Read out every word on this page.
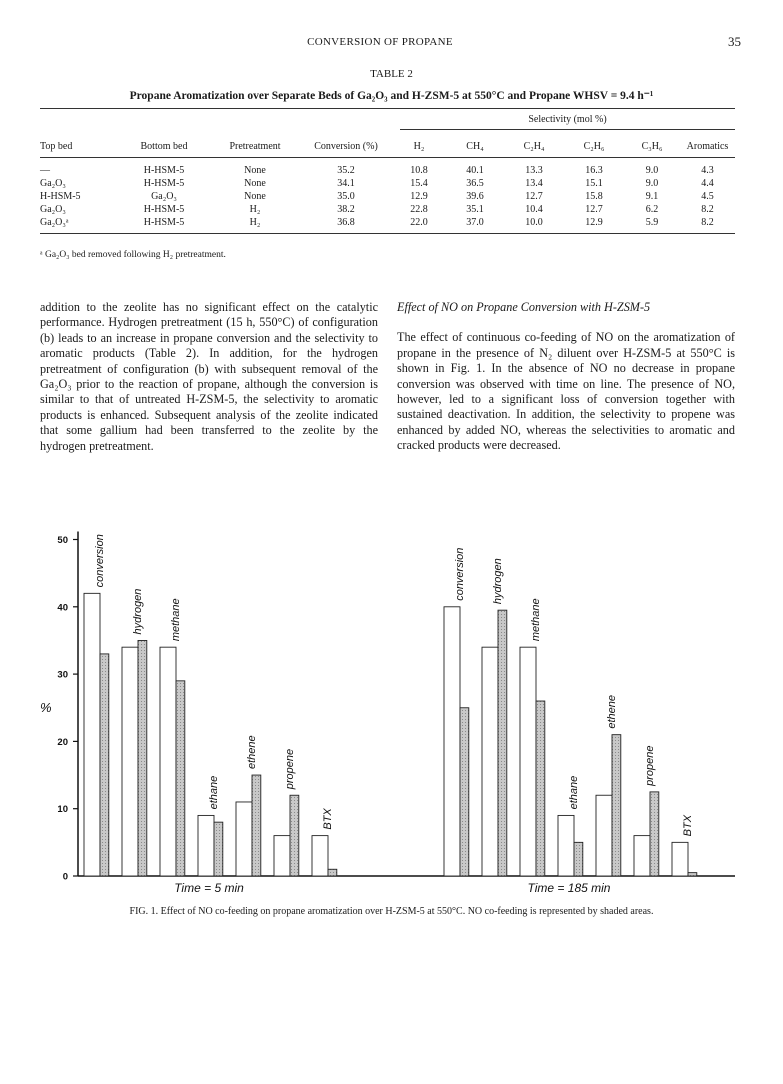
CONVERSION OF PROPANE	35
TABLE 2
Propane Aromatization over Separate Beds of Ga₂O₃ and H-ZSM-5 at 550°C and Propane WHSV = 9.4 h⁻¹

				Selectivity (mol %)					

Top bed	Bottom bed	Pretreatment	Conversion (%)	H₂	CH₄	C₂H₄	C₂H₆	C₃H₆	Aromatics
—	H-HSM-5	None	35.2	10.8	40.1	13.3	16.3	9.0	4.3
Ga₂O₃	H-HSM-5	None	34.1	15.4	36.5	13.4	15.1	9.0	4.4
H-HSM-5	Ga₂O₃	None	35.0	12.9	39.6	12.7	15.8	9.1	4.5
Ga₂O₃	H-HSM-5	H₂	38.2	22.8	35.1	10.4	12.7	6.2	8.2
Ga₂O₃ᵃ	H-HSM-5	H₂	36.8	22.0	37.0	10.0	12.9	5.9	8.2
ᵃ Ga₂O₃ bed removed following H₂ pretreatment.
addition to the zeolite has no significant effect on the catalytic performance. Hydrogen pretreatment (15 h, 550°C) of configuration (b) leads to an increase in propane conversion and the selectivity to aromatic products (Table 2). In addition, for the hydrogen pretreatment of configuration (b) with subsequent removal of the Ga₂O₃ prior to the reaction of propane, although the conversion is similar to that of untreated H-ZSM-5, the selectivity to aromatic products is enhanced. Subsequent analysis of the zeolite indicated that some gallium had been transferred to the zeolite by the hydrogen pretreatment.
Effect of NO on Propane Conversion with H-ZSM-5
The effect of continuous co-feeding of NO on the aromatization of propane in the presence of N₂ diluent over H-ZSM-5 at 550°C is shown in Fig. 1. In the absence of NO no decrease in propane conversion was observed with time on line. The presence of NO, however, led to a significant loss of conversion together with sustained deactivation. In addition, the selectivity to propene was enhanced by added NO, whereas the selectivities to aromatic and cracked products were decreased.
0
10
20
30
40
50
%
conversion
hydrogen methane
ethane
ethene propene
BTX
Time = 5 min
conversion hydrogen
methane
ethane
ethene
propene
BTX
Time = 185 min
FIG. 1. Effect of NO co-feeding on propane aromatization over H-ZSM-5 at 550°C. NO co-feeding is represented by shaded areas.
